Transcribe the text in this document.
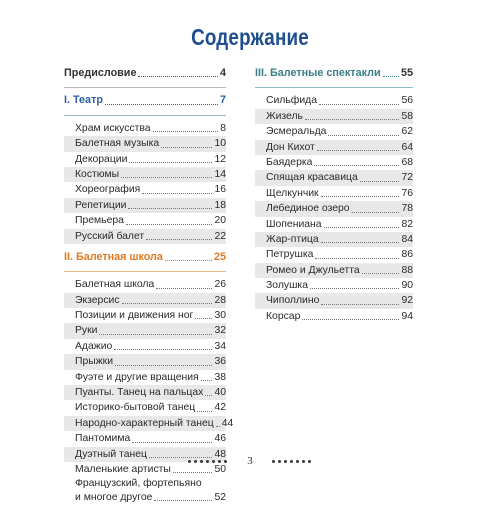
Содержание
Предисловие	4
I. Театр	7
Храм искусства	8
Балетная музыка	10
Декорации	12
Костюмы	14
Хореография	16
Репетиции	18
Премьера	20
Русский балет	22
II. Балетная школа	25
Балетная школа	26
Экзерсис	28
Позиции и движения ног 30
Руки	32
Адажио	34
Прыжки	36
Фуэте и другие вращения 38
Пуанты. Танец на пальцах 40
Историко-бытовой танец 42
Народно-характерный танец 44
Пантомима	46
Дуэтный танец	48
Маленькие артисты	50
Французский, фортепьяно
и многое другое	52
III. Балетные спектакли 55
Сильфида	56
Жизель	58
Эсмеральда	62
Дон Кихот	64
Баядерка	68
Спящая красавица	72
Щелкунчик	76
Лебединое озеро	78
Шопениана	82
Жар-птица	84
Петрушка	86
Ромео и Джульетта	88
Золушка	90
Чиполлино	92
Корсар	94
3
